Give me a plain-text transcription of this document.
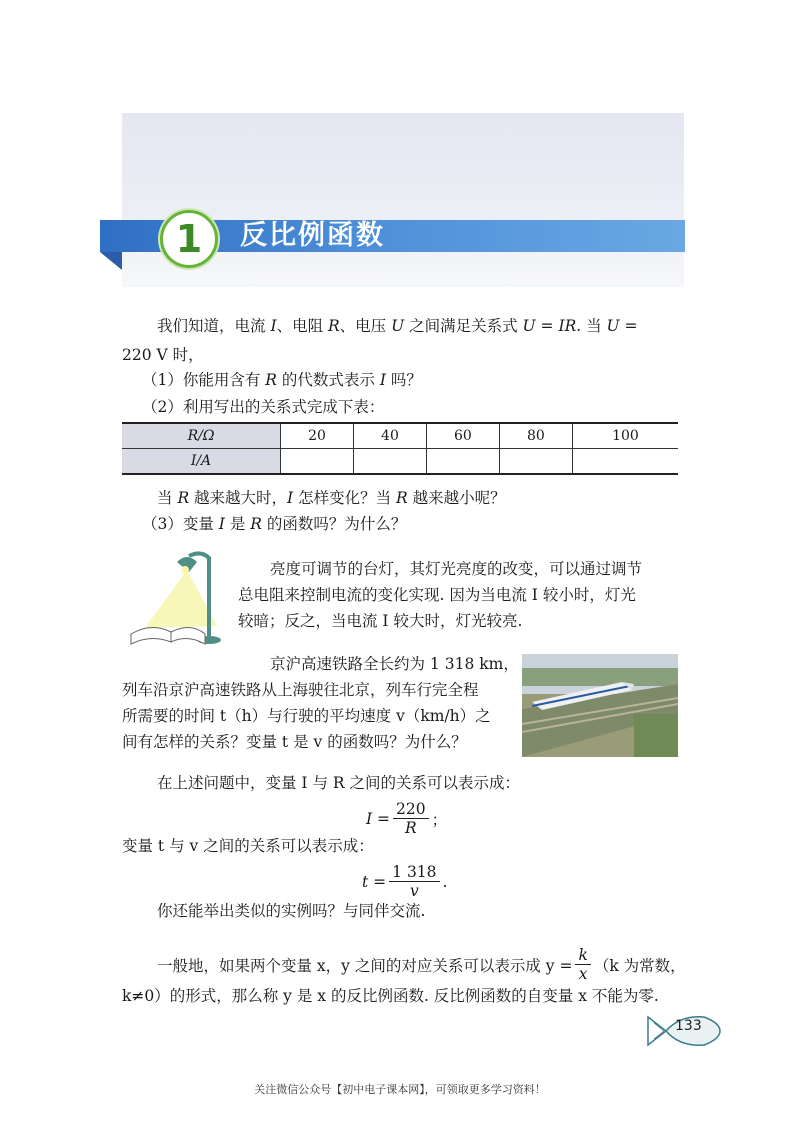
1	反比例函数
我们知道，电流 I、电阻 R、电压 U 之间满足关系式 U = IR. 当 U =
220 V 时，
（1）你能用含有 R 的代数式表示 I 吗？
（2）利用写出的关系式完成下表：
R/Ω	20	40	60	80	100
I/A					
当 R 越来越大时，I 怎样变化？当 R 越来越小呢？
（3）变量 I 是 R 的函数吗？为什么？
亮度可调节的台灯，其灯光亮度的改变，可以通过调节
总电阻来控制电流的变化实现. 因为当电流 I 较小时，灯光
较暗；反之，当电流 I 较大时，灯光较亮.
京沪高速铁路全长约为 1 318 km，
列车沿京沪高速铁路从上海驶往北京，列车行完全程
所需要的时间 t（h）与行驶的平均速度 v（km/h）之
间有怎样的关系？变量 t 是 v 的函数吗？为什么？
在上述问题中，变量 I 与 R 之间的关系可以表示成：
$I = \frac{220}{R}$ ；
变量 t 与 v 之间的关系可以表示成：
$t = \frac{1 318}{v}$ .
你还能举出类似的实例吗？与同伴交流.
一般地，如果两个变量 x，y 之间的对应关系可以表示成 $y = \frac{k}{x} (k$ 为常数，
k≠0）的形式，那么称 y 是 x 的反比例函数. 反比例函数的自变量 x 不能为零.
133
关注微信公众号【初中电子课本网】，可领取更多学习资料！
